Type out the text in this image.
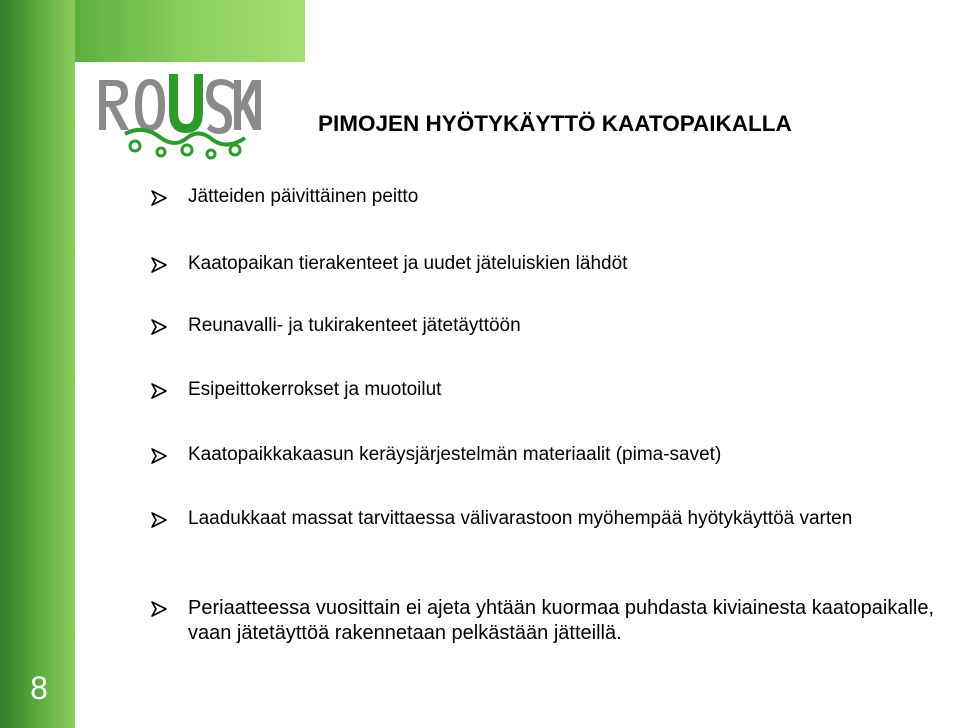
ROUSKIS
PIMOJEN HYÖTYKÄYTTÖ KAATOPAIKALLA
Jätteiden päivittäinen peitto
Kaatopaikan tierakenteet ja uudet jäteluiskien lähdöt
Reunavalli- ja tukirakenteet jätetäyttöön
Esipeittokerrokset ja muotoilut
Kaatopaikkakaasun keräysjärjestelmän materiaalit (pima-savet)
Laadukkaat massat tarvittaessa välivarastoon myöhempää hyötykäyttöä varten
Periaatteessa vuosittain ei ajeta yhtään kuormaa puhdasta kiviainesta kaatopaikalle, vaan jätetäyttöä rakennetaan pelkästään jätteillä.
8
